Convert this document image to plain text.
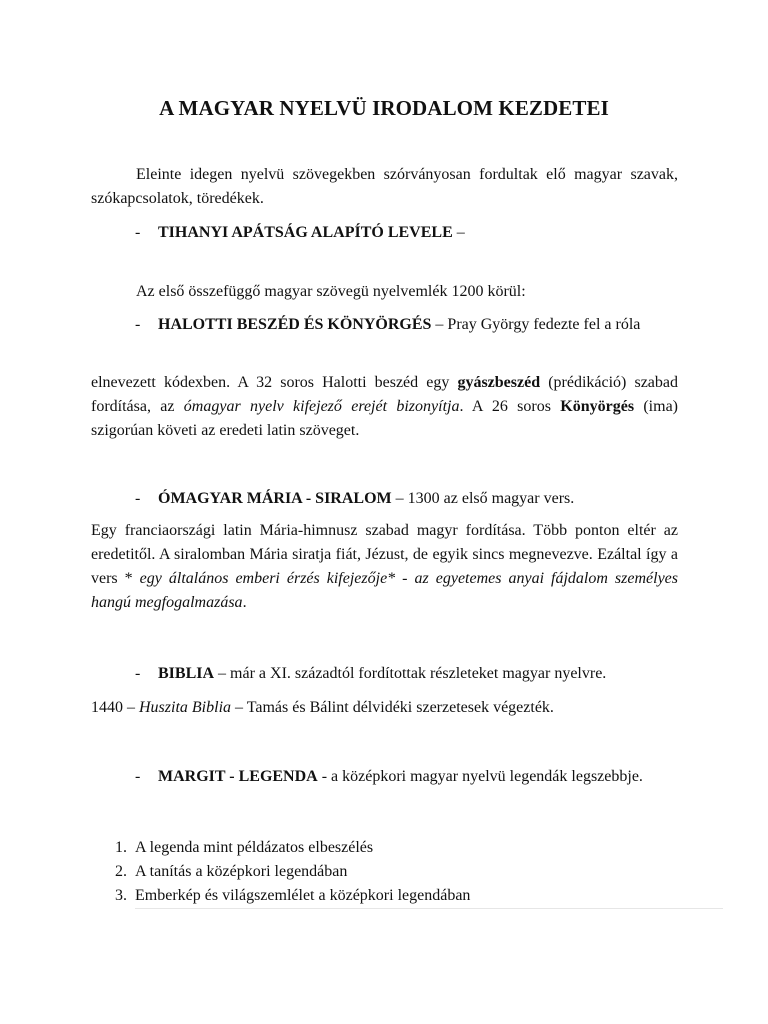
A MAGYAR NYELVÜ IRODALOM KEZDETEI
Eleinte idegen nyelvü szövegekben szórványosan fordultak elő magyar szavak, szókapcsolatok, töredékek.
- TIHANYI APÁTSÁG ALAPÍTÓ LEVELE –
Az első összefüggő magyar szövegü nyelvemlék 1200 körül:
- HALOTTI BESZÉD ÉS KÖNYÖRGÉS – Pray György fedezte fel a róla
elnevezett kódexben. A 32 soros Halotti beszéd egy gyászbeszéd (prédikáció) szabad fordítása, az ómagyar nyelv kifejező erejét bizonyítja. A 26 soros Könyörgés (ima) szigorúan követi az eredeti latin szöveget.
- ÓMAGYAR MÁRIA - SIRALOM – 1300 az első magyar vers.
Egy franciaországi latin Mária-himnusz szabad magyr fordítása. Több ponton eltér az eredetitől. A siralomban Mária siratja fiát, Jézust, de egyik sincs megnevezve. Ezáltal így a vers * egy általános emberi érzés kifejezője* - az egyetemes anyai fájdalom személyes hangú megfogalmazása.
- BIBLIA – már a XI. századtól fordítottak részleteket magyar nyelvre.
1440 – Huszita Biblia – Tamás és Bálint délvidéki szerzetesek végezték.
- MARGIT - LEGENDA - a középkori magyar nyelvü legendák legszebbje.
1. A legenda mint példázatos elbeszélés
2. A tanítás a középkori legendában
3. Emberkép és világszemlélet a középkori legendában
